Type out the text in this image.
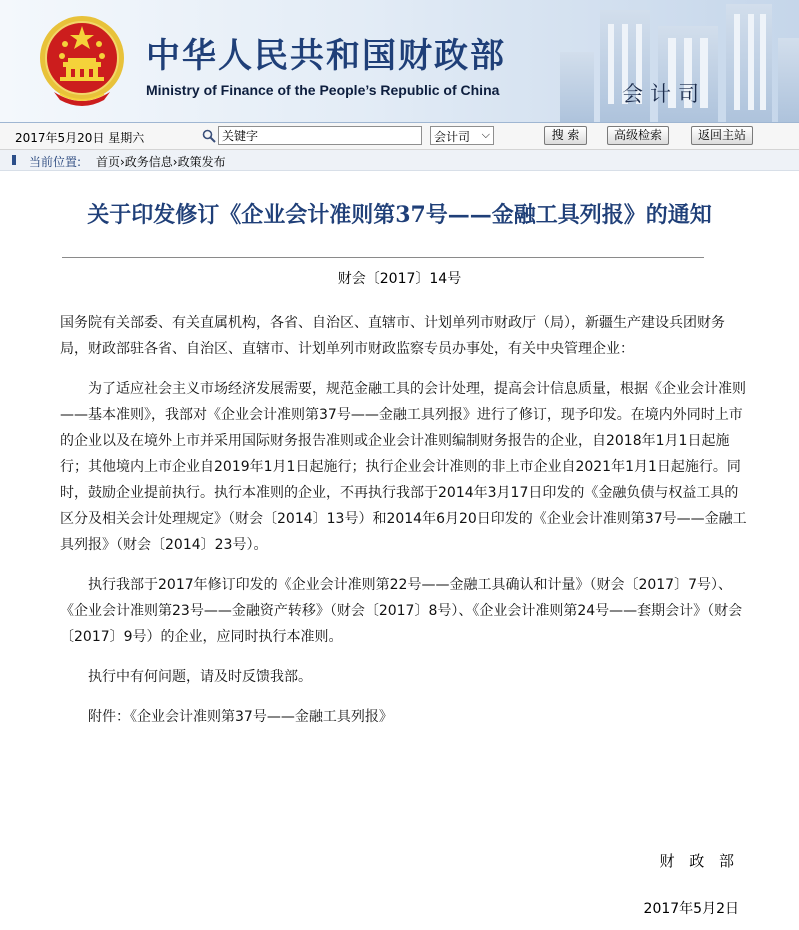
中华人民共和国财政部
Ministry of Finance of the People’s Republic of China	会计司
2017年5月20日 星期六
关键字	会计司 ⌵	搜 索	高级检索	返回主站
当前位置: 首页›政务信息›政策发布
关于印发修订《企业会计准则第37号——金融工具列报》的通知
财会〔2017〕14号

国务院有关部委、有关直属机构，各省、自治区、直辖市、计划单列市财政厅（局），新疆生产建设兵团财务局，财政部驻各省、自治区、直辖市、计划单列市财政监察专员办事处，有关中央管理企业：

为了适应社会主义市场经济发展需要，规范金融工具的会计处理，提高会计信息质量，根据《企业会计准则——基本准则》，我部对《企业会计准则第37号——金融工具列报》进行了修订，现予印发。在境内外同时上市的企业以及在境外上市并采用国际财务报告准则或企业会计准则编制财务报告的企业，自2018年1月1日起施行；其他境内上市企业自2019年1月1日起施行；执行企业会计准则的非上市企业自2021年1月1日起施行。同时，鼓励企业提前执行。执行本准则的企业，不再执行我部于2014年3月17日印发的《金融负债与权益工具的区分及相关会计处理规定》（财会〔2014〕13号）和2014年6月20日印发的《企业会计准则第37号——金融工具列报》（财会〔2014〕23号）。

执行我部于2017年修订印发的《企业会计准则第22号——金融工具确认和计量》（财会〔2017〕7号）、《企业会计准则第23号——金融资产转移》（财会〔2017〕8号）、《企业会计准则第24号——套期会计》（财会〔2017〕9号）的企业，应同时执行本准则。

执行中有何问题，请及时反馈我部。

附件：《企业会计准则第37号——金融工具列报》

财 政 部
2017年5月2日
